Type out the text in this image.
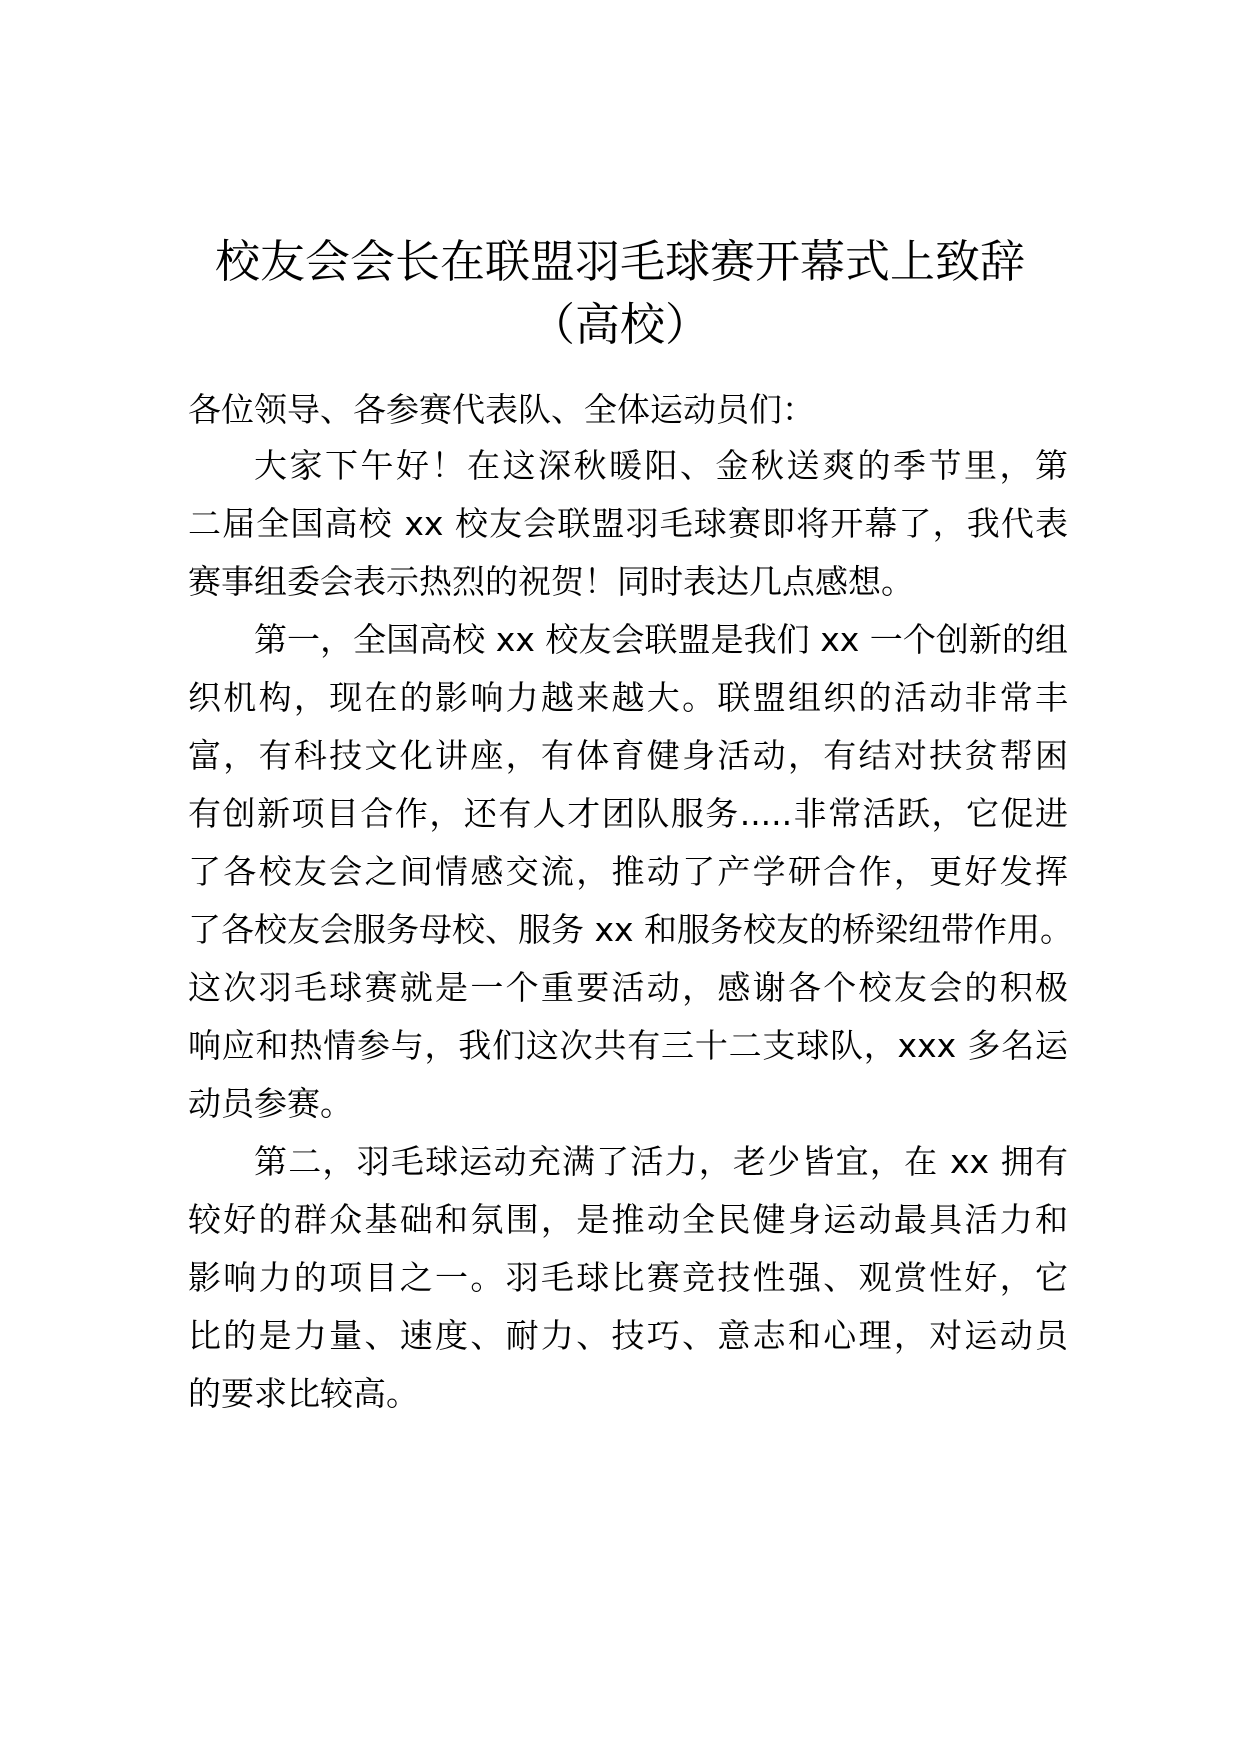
校友会会长在联盟羽毛球赛开幕式上致辞
（高校）

各位领导、各参赛代表队、全体运动员们：

大家下午好！在这深秋暖阳、金秋送爽的季节里，第

二届全国高校 xx 校友会联盟羽毛球赛即将开幕了，我代表

赛事组委会表示热烈的祝贺！同时表达几点感想。

第一，全国高校 xx 校友会联盟是我们 xx 一个创新的组

织机构，现在的影响力越来越大。联盟组织的活动非常丰

富，有科技文化讲座，有体育健身活动，有结对扶贫帮困

有创新项目合作，还有人才团队服务.....非常活跃，它促进

了各校友会之间情感交流，推动了产学研合作，更好发挥

了各校友会服务母校、服务 xx 和服务校友的桥梁纽带作用。

这次羽毛球赛就是一个重要活动，感谢各个校友会的积极

响应和热情参与，我们这次共有三十二支球队，xxx 多名运

动员参赛。

第二，羽毛球运动充满了活力，老少皆宜，在 xx 拥有

较好的群众基础和氛围，是推动全民健身运动最具活力和

影响力的项目之一。羽毛球比赛竞技性强、观赏性好，它

比的是力量、速度、耐力、技巧、意志和心理，对运动员

的要求比较高。
